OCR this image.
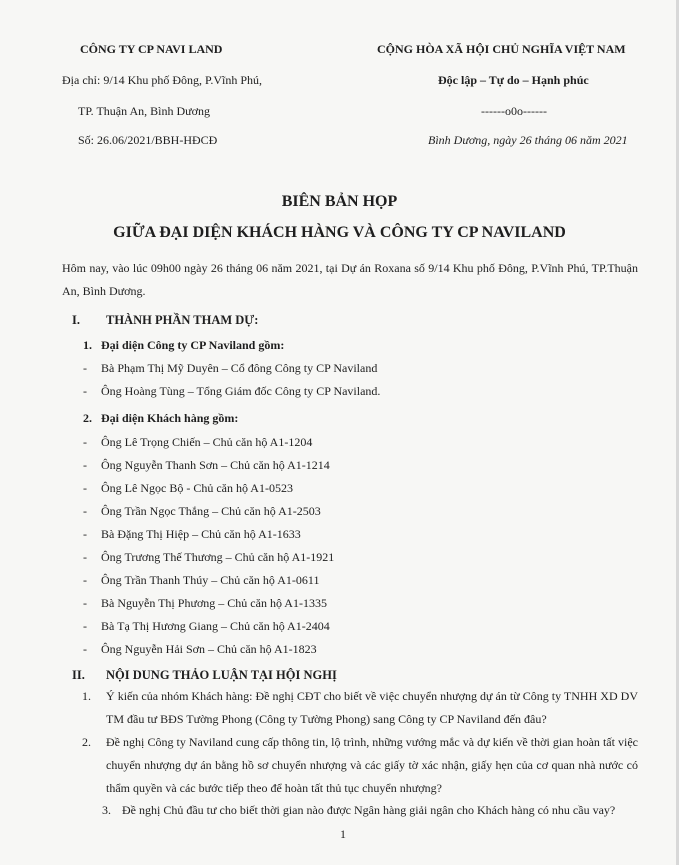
CÔNG TY CP NAVI LAND
Địa chỉ: 9/14 Khu phố Đông, P.Vĩnh Phú,
TP. Thuận An, Bình Dương
Số: 26.06/2021/BBH-HĐCĐ
CỘNG HÒA XÃ HỘI CHỦ NGHĨA VIỆT NAM
Độc lập – Tự do – Hạnh phúc
------o0o------
Bình Dương, ngày 26 tháng 06 năm 2021
BIÊN BẢN HỌP
GIỮA ĐẠI DIỆN KHÁCH HÀNG VÀ CÔNG TY CP NAVILAND
Hôm nay, vào lúc 09h00 ngày 26 tháng 06 năm 2021, tại Dự án Roxana số 9/14 Khu phố Đông, P.Vĩnh Phú, TP.Thuận An, Bình Dương.
I. THÀNH PHẦN THAM DỰ:
1. Đại diện Công ty CP Naviland gồm:
- Bà Phạm Thị Mỹ Duyên – Cổ đông Công ty CP Naviland
- Ông Hoàng Tùng – Tổng Giám đốc Công ty CP Naviland.
2. Đại diện Khách hàng gồm:
- Ông Lê Trọng Chiến – Chủ căn hộ A1-1204
- Ông Nguyễn Thanh Sơn – Chủ căn hộ A1-1214
- Ông Lê Ngọc Bộ - Chủ căn hộ A1-0523
- Ông Trần Ngọc Thắng – Chủ căn hộ A1-2503
- Bà Đặng Thị Hiệp – Chủ căn hộ A1-1633
- Ông Trương Thế Thương – Chủ căn hộ A1-1921
- Ông Trần Thanh Thúy – Chủ căn hộ A1-0611
- Bà Nguyễn Thị Phương – Chủ căn hộ A1-1335
- Bà Tạ Thị Hương Giang – Chủ căn hộ A1-2404
- Ông Nguyễn Hải Sơn – Chủ căn hộ A1-1823
II. NỘI DUNG THẢO LUẬN TẠI HỘI NGHỊ
1. Ý kiến của nhóm Khách hàng: Đề nghị CĐT cho biết về việc chuyển nhượng dự án từ Công ty TNHH XD DV TM đầu tư BĐS Tường Phong (Công ty Tường Phong) sang Công ty CP Naviland đến đâu?
2. Đề nghị Công ty Naviland cung cấp thông tin, lộ trình, những vướng mắc và dự kiến về thời gian hoàn tất việc chuyển nhượng dự án bằng hồ sơ chuyển nhượng và các giấy tờ xác nhận, giấy hẹn của cơ quan nhà nước có thẩm quyền và các bước tiếp theo để hoàn tất thủ tục chuyển nhượng?
3. Đề nghị Chủ đầu tư cho biết thời gian nào được Ngân hàng giải ngân cho Khách hàng có nhu cầu vay?
1
